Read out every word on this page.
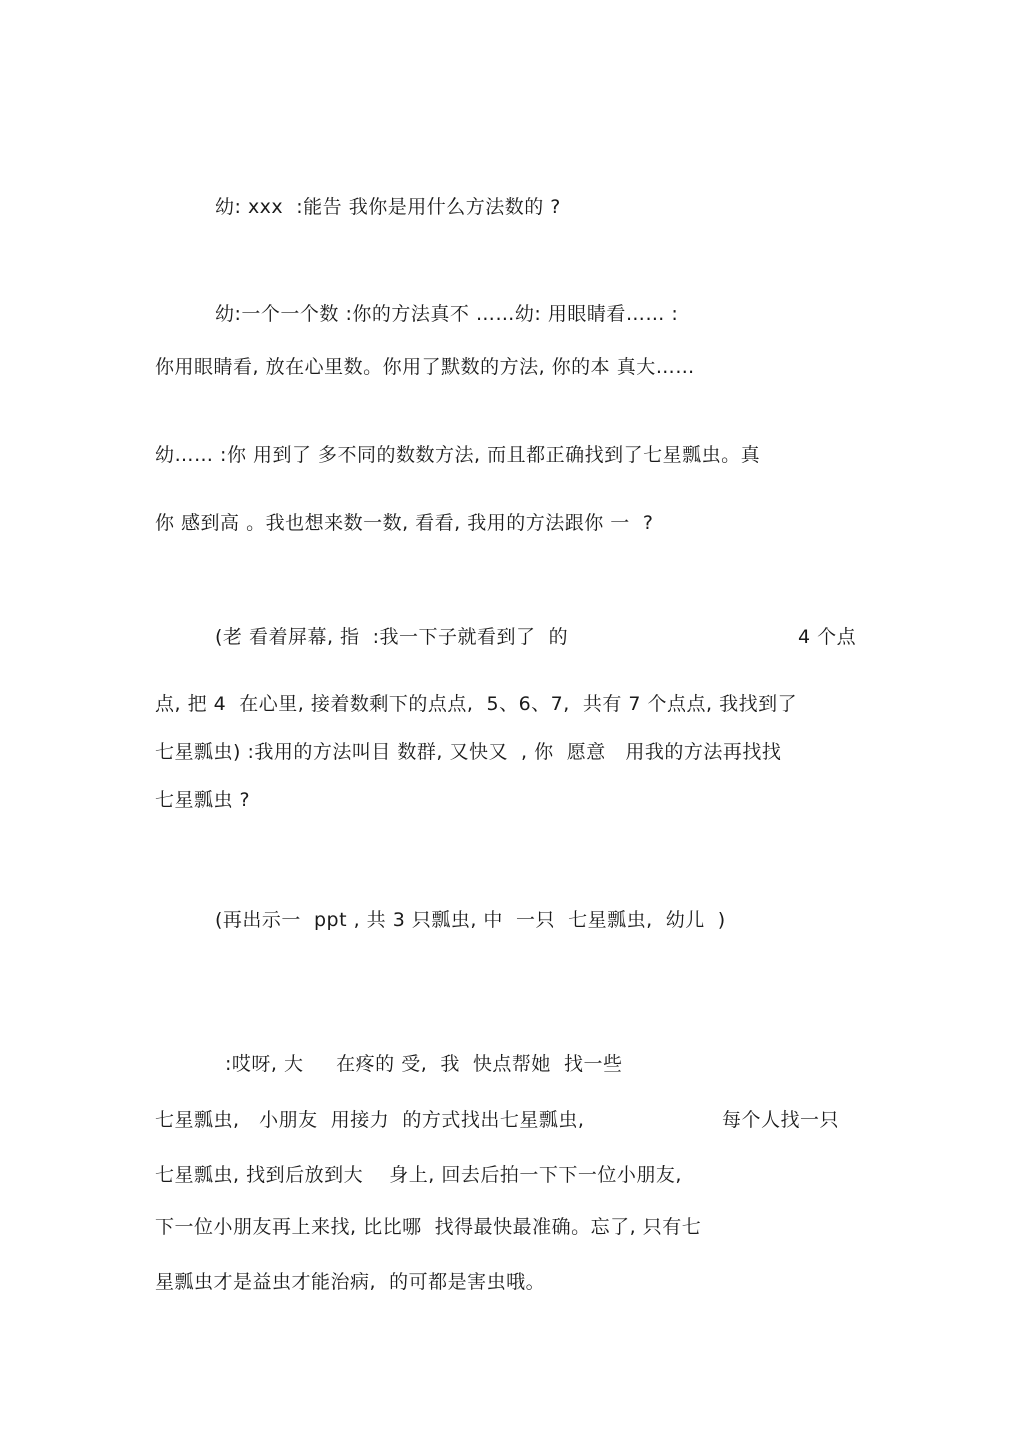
幼: xxx  :能告 我你是用什么方法数的 ?
幼:一个一个数 :你的方法真不 ……幼: 用眼睛看…… :
你用眼睛看, 放在心里数。你用了默数的方法, 你的本 真大……
幼…… :你 用到了 多不同的数数方法, 而且都正确找到了七星瓢虫。真
你 感到高 。我也想来数一数, 看看, 我用的方法跟你 一  ?
(老 看着屏幕, 指  :我一下子就看到了  的	4 个点
点, 把 4  在心里, 接着数剩下的点点,  5、6、7,  共有 7 个点点, 我找到了
七星瓢虫) :我用的方法叫目 数群, 又快又  , 你  愿意   用我的方法再找找
七星瓢虫 ?
(再出示一  ppt , 共 3 只瓢虫, 中  一只  七星瓢虫,  幼儿  )
:哎呀, 大     在疼的 受,  我  快点帮她  找一些
七星瓢虫,   小朋友  用接力  的方式找出七星瓢虫,	每个人找一只
七星瓢虫, 找到后放到大    身上, 回去后拍一下下一位小朋友,
下一位小朋友再上来找, 比比哪  找得最快最准确。忘了, 只有七
星瓢虫才是益虫才能治病,  的可都是害虫哦。
